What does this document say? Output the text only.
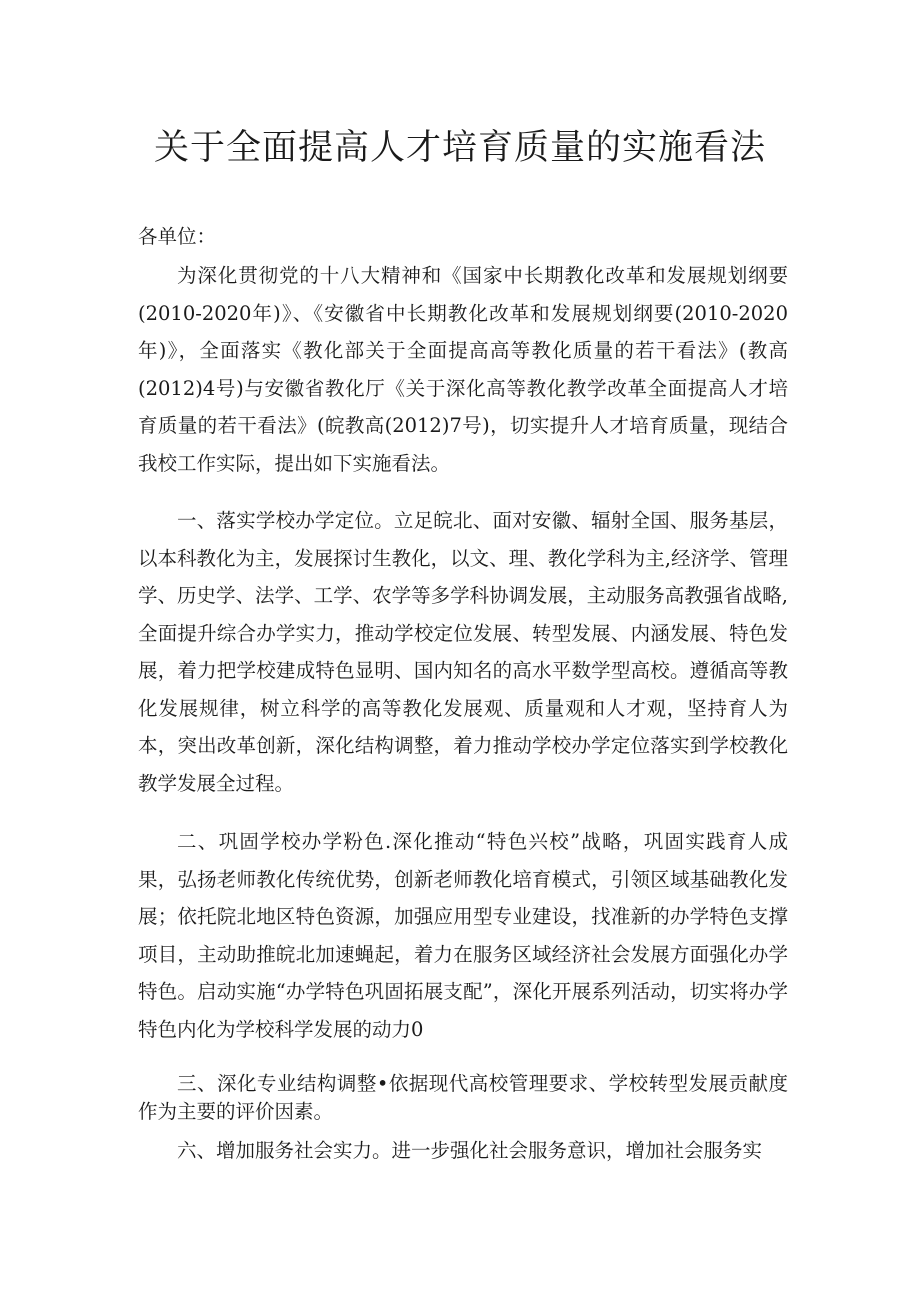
关于全面提高人才培育质量的实施看法

各单位：

为深化贯彻党的十八大精神和《国家中长期教化改革和发展规划纲要(2010-2020年)》、《安徽省中长期教化改革和发展规划纲要(2010-2020年)》，全面落实《教化部关于全面提高高等教化质量的若干看法》(教高(2012)4号)与安徽省教化厅《关于深化高等教化教学改革全面提高人才培育质量的若干看法》(皖教高(2012)7号)，切实提升人才培育质量，现结合我校工作实际，提出如下实施看法。

一、落实学校办学定位。立足皖北、面对安徽、辐射全国、服务基层，以本科教化为主，发展探讨生教化，以文、理、教化学科为主,经济学、管理学、历史学、法学、工学、农学等多学科协调发展，主动服务高教强省战略,全面提升综合办学实力，推动学校定位发展、转型发展、内涵发展、特色发展，着力把学校建成特色显明、国内知名的高水平数学型高校。遵循高等教化发展规律，树立科学的高等教化发展观、质量观和人才观，坚持育人为本，突出改革创新，深化结构调整，着力推动学校办学定位落实到学校教化教学发展全过程。

二、巩固学校办学粉色.深化推动“特色兴校”战略，巩固实践育人成果，弘扬老师教化传统优势，创新老师教化培育模式，引领区域基础教化发展；依托院北地区特色资源，加强应用型专业建设，找准新的办学特色支撑项目，主动助推皖北加速蝇起，着力在服务区域经济社会发展方面强化办学特色。启动实施“办学特色巩固拓展支配”，深化开展系列活动，切实将办学特色内化为学校科学发展的动力0

三、深化专业结构调整•依据现代高校管理要求、学校转型发展贡献度作为主要的评价因素。

六、增加服务社会实力。进一步强化社会服务意识，增加社会服务实
